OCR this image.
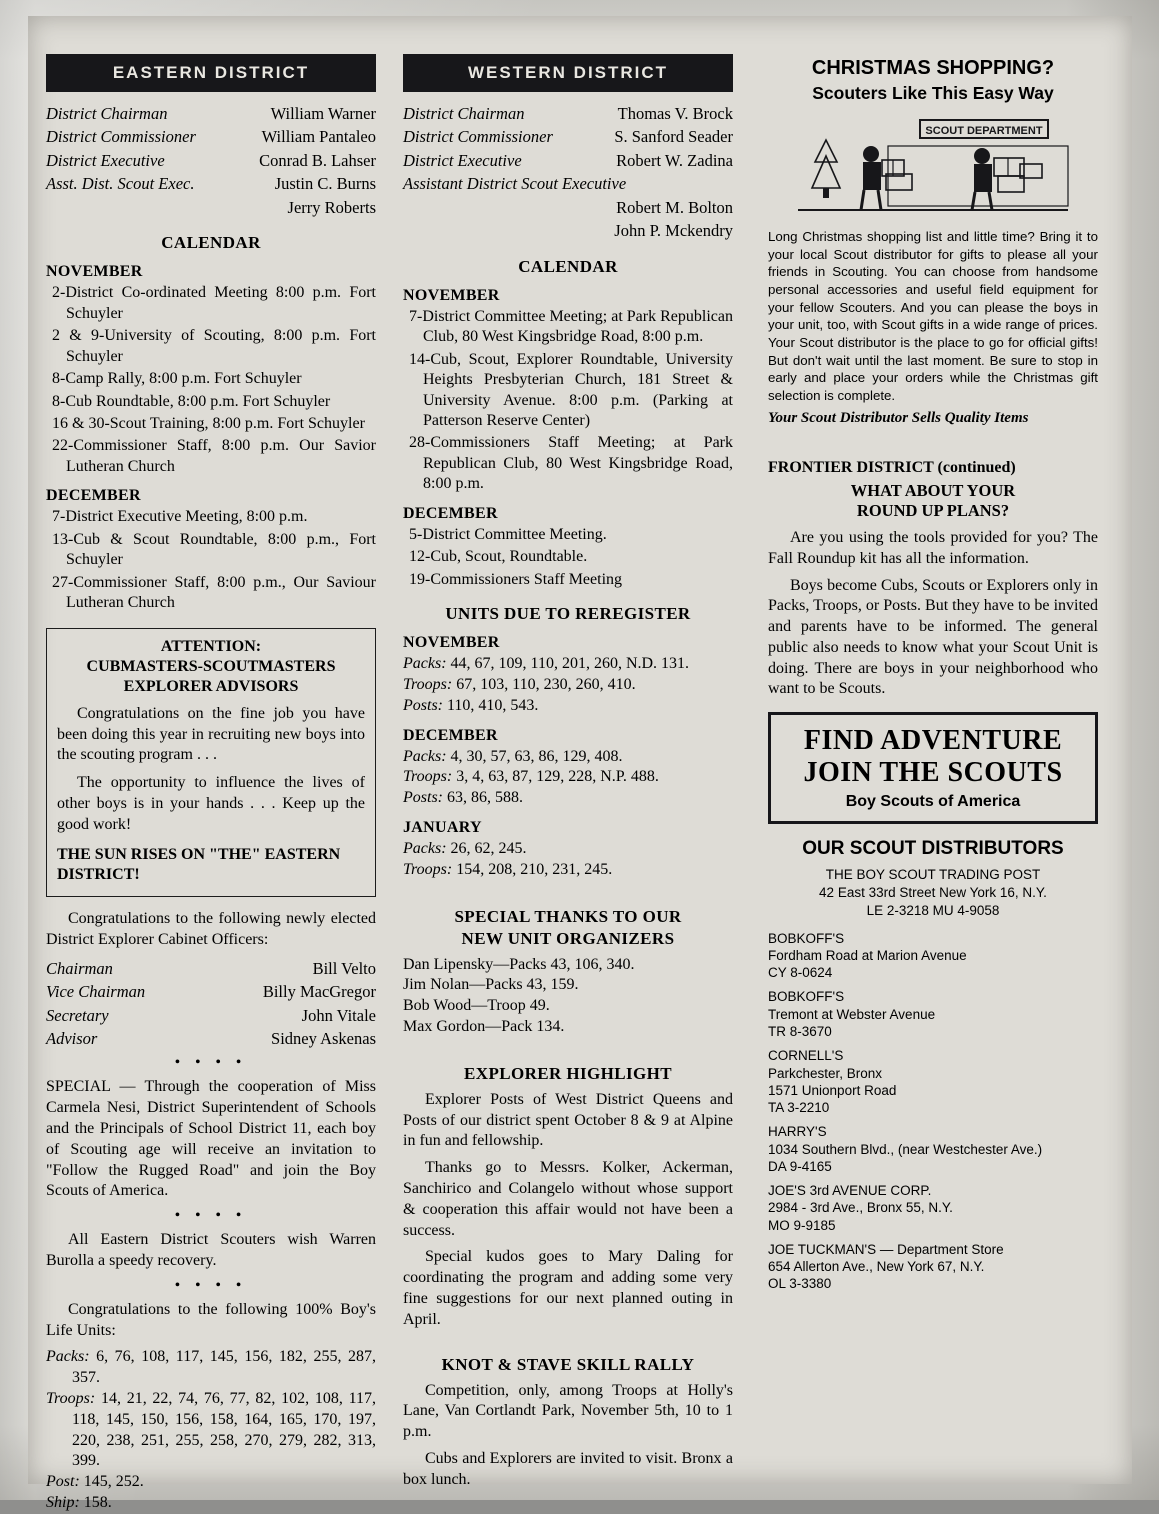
EASTERN DISTRICT
District Chairman	William Warner
District Commissioner	William Pantaleo
District Executive	Conrad B. Lahser
Asst. Dist. Scout Exec.	Justin C. Burns
	Jerry Roberts
CALENDAR
NOVEMBER

2-District Co-ordinated Meeting 8:00 p.m. Fort Schuyler

2 & 9-University of Scouting, 8:00 p.m. Fort Schuyler

8-Camp Rally, 8:00 p.m. Fort Schuyler

8-Cub Roundtable, 8:00 p.m. Fort Schuyler

16 & 30-Scout Training, 8:00 p.m. Fort Schuyler

22-Commissioner Staff, 8:00 p.m. Our Savior Lutheran Church

DECEMBER

7-District Executive Meeting, 8:00 p.m.

13-Cub & Scout Roundtable, 8:00 p.m., Fort Schuyler

27-Commissioner Staff, 8:00 p.m., Our Saviour Lutheran Church

ATTENTION:
CUBMASTERS-SCOUTMASTERS
EXPLORER ADVISORS

Congratulations on the fine job you have been doing this year in recruiting new boys into the scouting program . . .

The opportunity to influence the lives of other boys is in your hands . . . Keep up the good work!

THE SUN RISES ON "THE" EASTERN DISTRICT!

Congratulations to the following newly elected District Explorer Cabinet Officers:

Chairman	Bill Velto
Vice Chairman	Billy MacGregor
Secretary	John Vitale
Advisor	Sidney Askenas
• • • •

SPECIAL — Through the cooperation of Miss Carmela Nesi, District Superintendent of Schools and the Principals of School District 11, each boy of Scouting age will receive an invitation to "Follow the Rugged Road" and join the Boy Scouts of America.

• • • •

All Eastern District Scouters wish Warren Burolla a speedy recovery.

• • • •

Congratulations to the following 100% Boy's Life Units:

Packs: 6, 76, 108, 117, 145, 156, 182, 255, 287, 357.

Troops: 14, 21, 22, 74, 76, 77, 82, 102, 108, 117, 118, 145, 150, 156, 158, 164, 165, 170, 197, 220, 238, 251, 255, 258, 270, 279, 282, 313, 399.

Post: 145, 252.

Ship: 158.

WESTERN DISTRICT
District Chairman	Thomas V. Brock
District Commissioner	S. Sanford Seader
District Executive	Robert W. Zadina
Assistant District Scout Executive	
Robert M. Bolton	
John P. Mckendry	
CALENDAR
NOVEMBER

7-District Committee Meeting; at Park Republican Club, 80 West Kingsbridge Road, 8:00 p.m.

14-Cub, Scout, Explorer Roundtable, University Heights Presbyterian Church, 181 Street & University Avenue. 8:00 p.m. (Parking at Patterson Reserve Center)

28-Commissioners Staff Meeting; at Park Republican Club, 80 West Kingsbridge Road, 8:00 p.m.

DECEMBER

5-District Committee Meeting.

12-Cub, Scout, Roundtable.

19-Commissioners Staff Meeting

UNITS DUE TO REREGISTER
NOVEMBER

Packs: 44, 67, 109, 110, 201, 260, N.D. 131.

Troops: 67, 103, 110, 230, 260, 410.

Posts: 110, 410, 543.

DECEMBER

Packs: 4, 30, 57, 63, 86, 129, 408.

Troops: 3, 4, 63, 87, 129, 228, N.P. 488.

Posts: 63, 86, 588.

JANUARY

Packs: 26, 62, 245.

Troops: 154, 208, 210, 231, 245.

SPECIAL THANKS TO OUR
NEW UNIT ORGANIZERS

Dan Lipensky—Packs 43, 106, 340.

Jim Nolan—Packs 43, 159.

Bob Wood—Troop 49.

Max Gordon—Pack 134.

EXPLORER HIGHLIGHT

Explorer Posts of West District Queens and Posts of our district spent October 8 & 9 at Alpine in fun and fellowship.

Thanks go to Messrs. Kolker, Ackerman, Sanchirico and Colangelo without whose support & cooperation this affair would not have been a success.

Special kudos goes to Mary Daling for coordinating the program and adding some very fine suggestions for our next planned outing in April.

KNOT & STAVE SKILL RALLY

Competition, only, among Troops at Holly's Lane, Van Cortlandt Park, November 5th, 10 to 1 p.m.

Cubs and Explorers are invited to visit. Bronx a box lunch.

CHRISTMAS SHOPPING?
Scouters Like This Easy Way
SCOUT DEPARTMENT

Long Christmas shopping list and little time? Bring it to your local Scout distributor for gifts to please all your friends in Scouting. You can choose from handsome personal accessories and useful field equipment for your fellow Scouters. And you can please the boys in your unit, too, with Scout gifts in a wide range of prices. Your Scout distributor is the place to go for official gifts! But don't wait until the last moment. Be sure to stop in early and place your orders while the Christmas gift selection is complete.
Your Scout Distributor Sells Quality Items

FRONTIER DISTRICT (continued)
WHAT ABOUT YOUR
ROUND UP PLANS?

Are you using the tools provided for you? The Fall Roundup kit has all the information.

Boys become Cubs, Scouts or Explorers only in Packs, Troops, or Posts. But they have to be invited and parents have to be informed. The general public also needs to know what your Scout Unit is doing. There are boys in your neighborhood who want to be Scouts.

FIND ADVENTURE
JOIN THE SCOUTS
Boy Scouts of America
OUR SCOUT DISTRIBUTORS
THE BOY SCOUT TRADING POST
42 East 33rd Street New York 16, N.Y.
LE 2-3218 MU 4-9058
BOBKOFF'S
Fordham Road at Marion Avenue
CY 8-0624
BOBKOFF'S
Tremont at Webster Avenue
TR 8-3670
CORNELL'S
Parkchester, Bronx
1571 Unionport Road
TA 3-2210
HARRY'S
1034 Southern Blvd., (near Westchester Ave.)
DA 9-4165
JOE'S 3rd AVENUE CORP.
2984 - 3rd Ave., Bronx 55, N.Y.
MO 9-9185
JOE TUCKMAN'S — Department Store
654 Allerton Ave., New York 67, N.Y.
OL 3-3380
